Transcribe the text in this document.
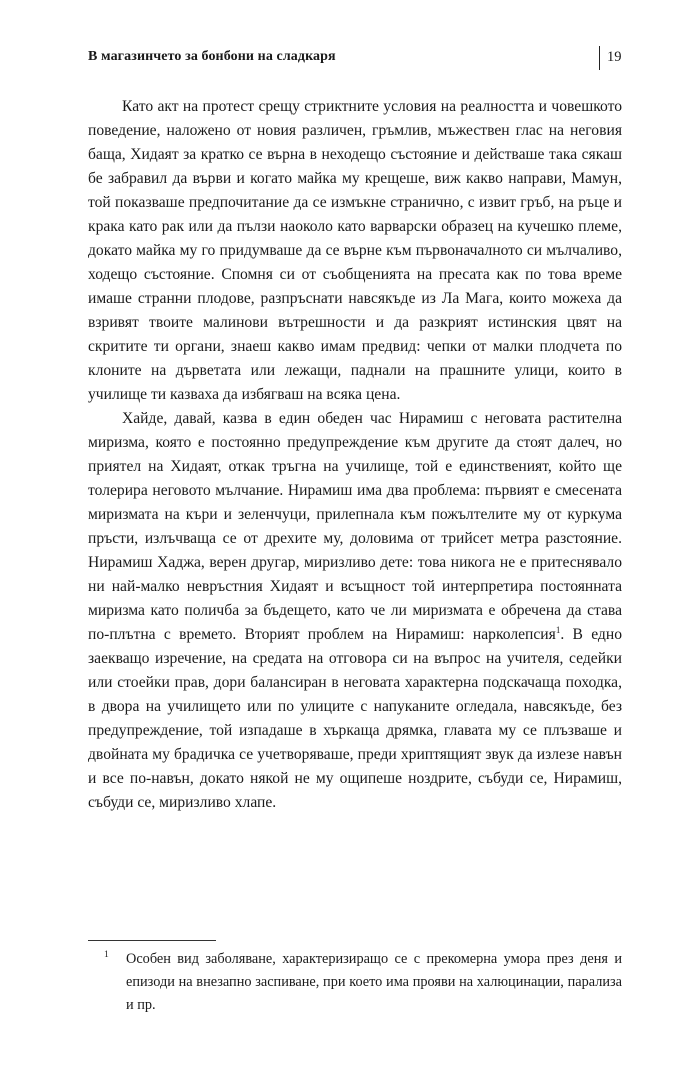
В магазинчето за бонбони на сладкаря	19

Като акт на протест срещу стриктните условия на реалността и човешкото поведение, наложено от новия различен, гръмлив, мъжествен глас на неговия баща, Хидаят за кратко се върна в неходещо състояние и действаше така сякаш бе забравил да върви и когато майка му крещеше, виж какво направи, Мамун, той показваше предпочитание да се измъкне странично, с извит гръб, на ръце и крака като рак или да пълзи наоколо като варварски образец на кучешко племе, докато майка му го придумваше да се върне към първоначалното си мълчаливо, ходещо състояние. Спомня си от съобщенията на пресата как по това време имаше странни плодове, разпръснати навсякъде из Ла Мага, които можеха да взривят твоите малинови вътрешности и да разкрият истинския цвят на скритите ти органи, знаеш какво имам предвид: чепки от малки плодчета по клоните на дърветата или лежащи, паднали на прашните улици, които в училище ти казваха да избягваш на всяка цена.

Хайде, давай, казва в един обеден час Нирамиш с неговата растителна миризма, която е постоянно предупреждение към другите да стоят далеч, но приятел на Хидаят, откак тръгна на училище, той е единственият, който ще толерира неговото мълчание. Нирамиш има два проблема: първият е смесената миризмата на къри и зеленчуци, прилепнала към пожълтелите му от куркума пръсти, излъчваща се от дрехите му, доловима от трийсет метра разстояние. Нирамиш Хаджа, верен другар, миризливо дете: това никога не е притеснявало ни най-малко невръстния Хидаят и всъщност той интерпретира постоянната миризма като поличба за бъдещето, като че ли миризмата е обречена да става по-плътна с времето. Вторият проблем на Нирамиш: нарколепсия$^1$. В едно заекващо изречение, на средата на отговора си на въпрос на учителя, седейки или стоейки прав, дори балансиран в неговата характерна подскачаща походка, в двора на училището или по улиците с напуканите огледала, навсякъде, без предупреждение, той изпадаше в хъркаща дрямка, главата му се плъзваше и двойната му брадичка се учетворяваше, преди хриптящият звук да излезе навън и все по-навън, докато някой не му ощипеше ноздрите, събуди се, Нирамиш, събуди се, миризливо хлапе.

1 Особен вид заболяване, характеризиращо се с прекомерна умора през деня и епизоди на внезапно заспиване, при което има прояви на халюцинации, парализа и пр.
